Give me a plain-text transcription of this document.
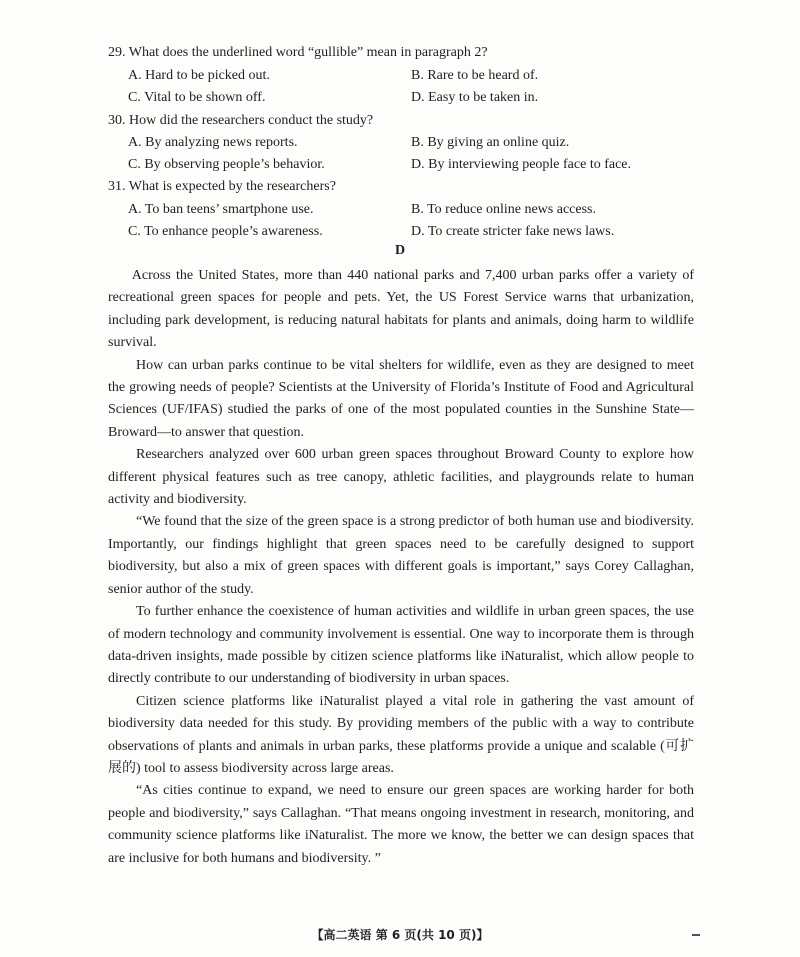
29. What does the underlined word “gullible” mean in paragraph 2?
A. Hard to be picked out.	B. Rare to be heard of.
C. Vital to be shown off.	D. Easy to be taken in.
30. How did the researchers conduct the study?
A. By analyzing news reports.	B. By giving an online quiz.
C. By observing people’s behavior.	D. By interviewing people face to face.
31. What is expected by the researchers?
A. To ban teens’ smartphone use.	B. To reduce online news access.
C. To enhance people’s awareness.	D. To create stricter fake news laws.
D

Across the United States, more than 440 national parks and 7,400 urban parks offer a variety of recreational green spaces for people and pets. Yet, the US Forest Service warns that urbanization, including park development, is reducing natural habitats for plants and animals, doing harm to wildlife survival.

How can urban parks continue to be vital shelters for wildlife, even as they are designed to meet the growing needs of people? Scientists at the University of Florida’s Institute of Food and Agricultural Sciences (UF/IFAS) studied the parks of one of the most populated counties in the Sunshine State—Broward—to answer that question.

Researchers analyzed over 600 urban green spaces throughout Broward County to explore how different physical features such as tree canopy, athletic facilities, and playgrounds relate to human activity and biodiversity.

“We found that the size of the green space is a strong predictor of both human use and biodiversity. Importantly, our findings highlight that green spaces need to be carefully designed to support biodiversity, but also a mix of green spaces with different goals is important,” says Corey Callaghan, senior author of the study.

To further enhance the coexistence of human activities and wildlife in urban green spaces, the use of modern technology and community involvement is essential. One way to incorporate them is through data-driven insights, made possible by citizen science platforms like iNaturalist, which allow people to directly contribute to our understanding of biodiversity in urban spaces.

Citizen science platforms like iNaturalist played a vital role in gathering the vast amount of biodiversity data needed for this study. By providing members of the public with a way to contribute observations of plants and animals in urban parks, these platforms provide a unique and scalable (可扩展的) tool to assess biodiversity across large areas.

“As cities continue to expand, we need to ensure our green spaces are working harder for both people and biodiversity,” says Callaghan. “That means ongoing investment in research, monitoring, and community science platforms like iNaturalist. The more we know, the better we can design spaces that are inclusive for both humans and biodiversity. ”

【高二英语 第 6 页(共 10 页)】
